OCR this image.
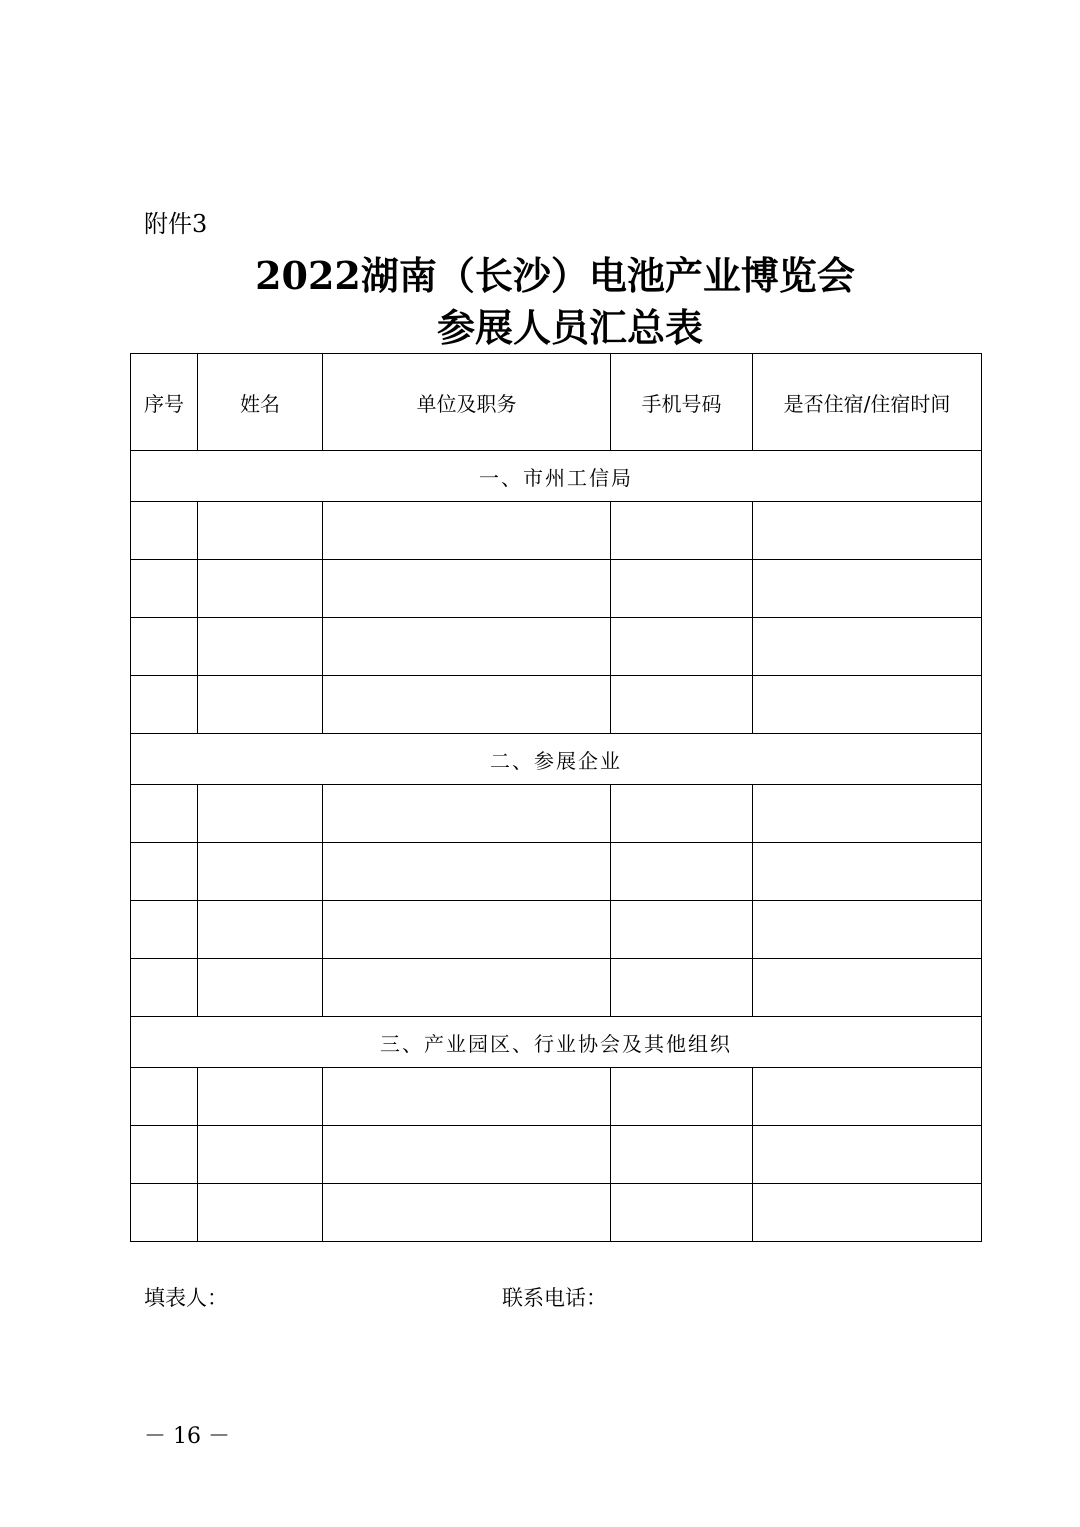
附件3
2022湖南（长沙）电池产业博览会
参展人员汇总表
序号	姓名	单位及职务	手机号码	是否住宿/住宿时间
一、市州工信局				

二、参展企业				

三、产业园区、行业协会及其他组织				

填表人：	联系电话：
－ 16 －
